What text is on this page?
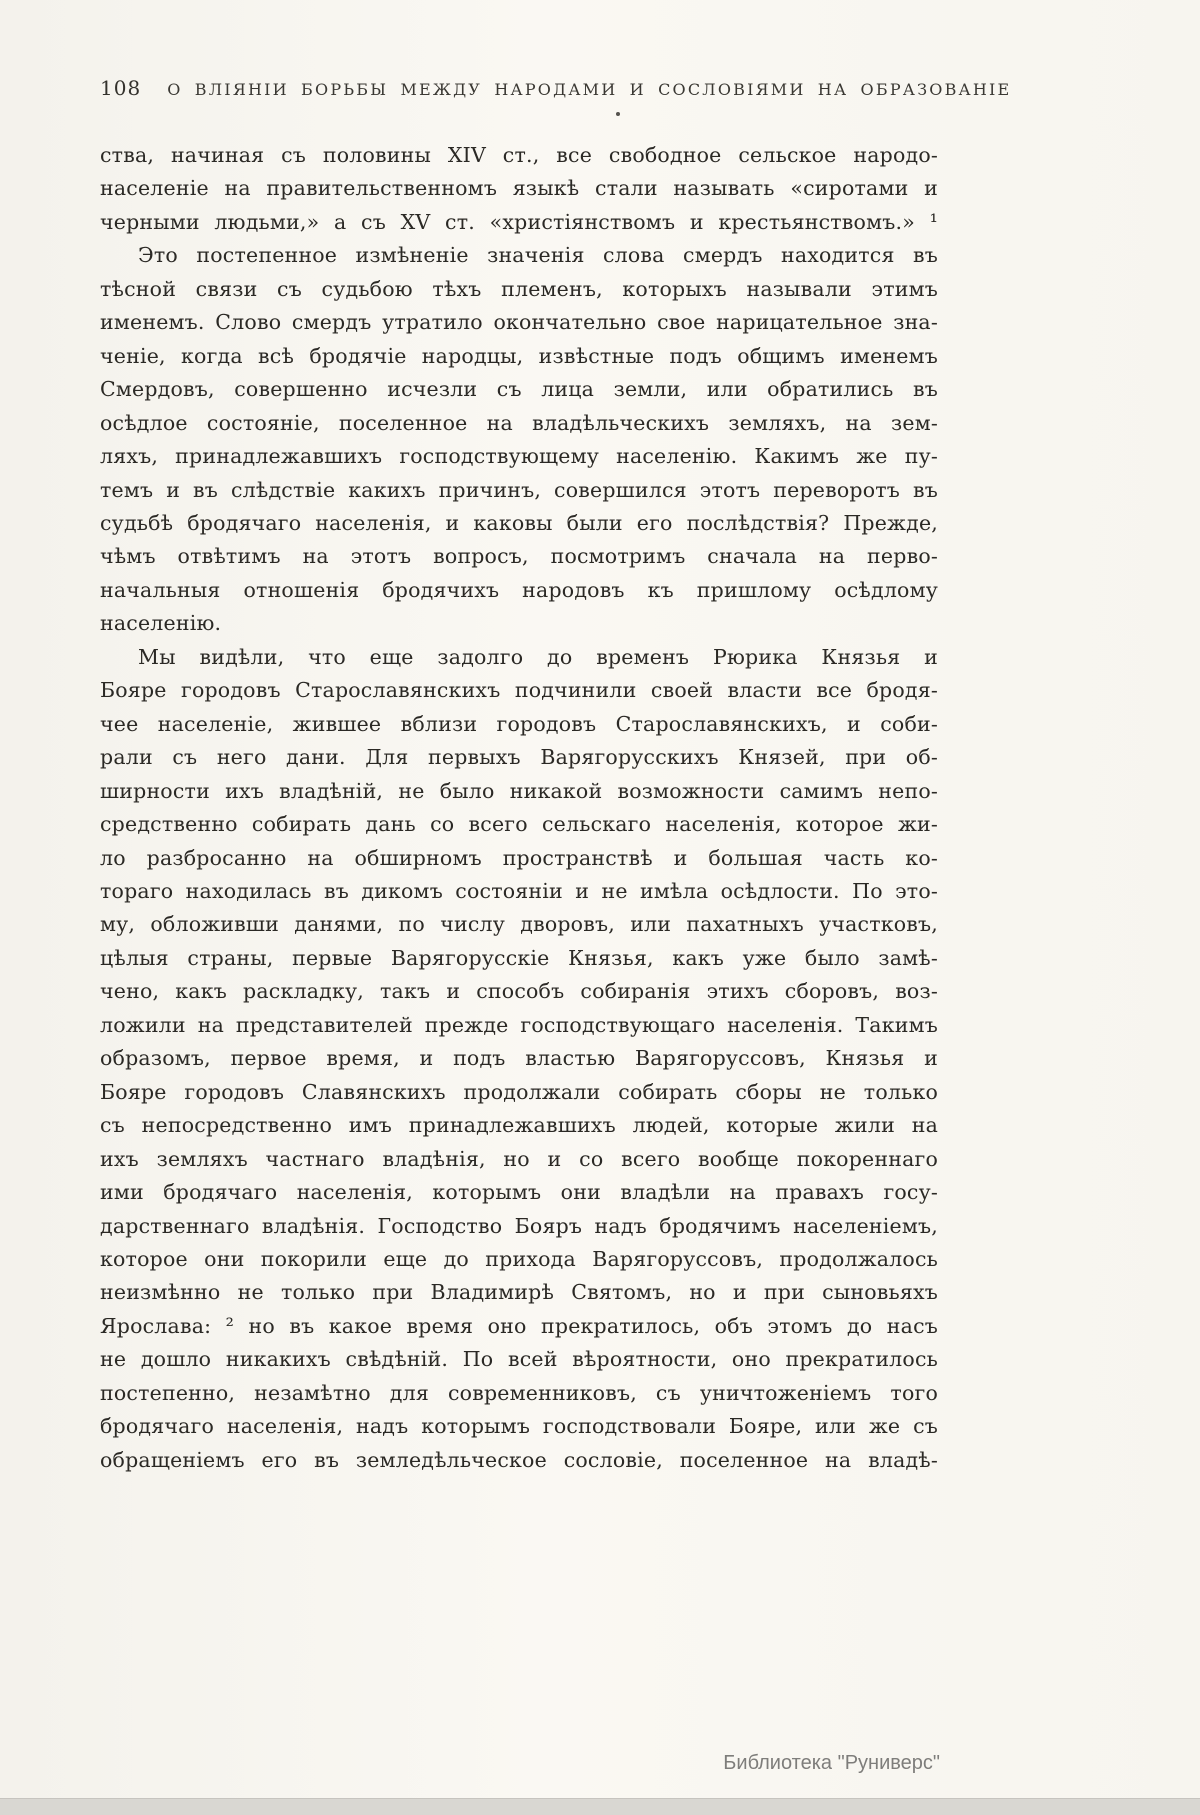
108 О ВЛІЯНІИ БОРЬБЫ МЕЖДУ НАРОДАМИ И СОСЛОВІЯМИ НА ОБРАЗОВАНІЕ

ства, начиная съ половины XIV ст., все свободное сельское народо-
населеніе на правительственномъ языкѣ стали называть «сиротами и
черными людьми,» а съ XV ст. «христіянствомъ и крестьянствомъ.» ¹

Это постепенное измѣненіе значенія слова смердъ находится въ
тѣсной связи съ судьбою тѣхъ племенъ, которыхъ называли этимъ
именемъ. Слово смердъ утратило окончательно свое нарицательное зна-
ченіе, когда всѣ бродячіе народцы, извѣстные подъ общимъ именемъ
Смердовъ, совершенно исчезли съ лица земли, или обратились въ
осѣдлое состояніе, поселенное на владѣльческихъ земляхъ, на зем-
ляхъ, принадлежавшихъ господствующему населенію. Какимъ же пу-
темъ и въ слѣдствіе какихъ причинъ, совершился этотъ переворотъ въ
судьбѣ бродячаго населенія, и каковы были его послѣдствія? Прежде,
чѣмъ отвѣтимъ на этотъ вопросъ, посмотримъ сначала на перво-
начальныя отношенія бродячихъ народовъ къ пришлому осѣдлому
населенію.

Мы видѣли, что еще задолго до временъ Рюрика Князья и
Бояре городовъ Старославянскихъ подчинили своей власти все бродя-
чее населеніе, жившее вблизи городовъ Старославянскихъ, и соби-
рали съ него дани. Для первыхъ Варягорусскихъ Князей, при об-
ширности ихъ владѣній, не было никакой возможности самимъ непо-
средственно собирать дань со всего сельскаго населенія, которое жи-
ло разбросанно на обширномъ пространствѣ и большая часть ко-
тораго находилась въ дикомъ состояніи и не имѣла осѣдлости. По это-
му, обложивши данями, по числу дворовъ, или пахатныхъ участковъ,
цѣлыя страны, первые Варягорусскіе Князья, какъ уже было замѣ-
чено, какъ раскладку, такъ и способъ собиранія этихъ сборовъ, воз-
ложили на представителей прежде господствующаго населенія. Такимъ
образомъ, первое время, и подъ властью Варягоруссовъ, Князья и
Бояре городовъ Славянскихъ продолжали собирать сборы не только
съ непосредственно имъ принадлежавшихъ людей, которые жили на
ихъ земляхъ частнаго владѣнія, но и со всего вообще покореннаго
ими бродячаго населенія, которымъ они владѣли на правахъ госу-
дарственнаго владѣнія. Господство Бояръ надъ бродячимъ населеніемъ,
которое они покорили еще до прихода Варягоруссовъ, продолжалось
неизмѣнно не только при Владимирѣ Святомъ, но и при сыновьяхъ
Ярослава: ² но въ какое время оно прекратилось, объ этомъ до насъ
не дошло никакихъ свѣдѣній. По всей вѣроятности, оно прекратилось
постепенно, незамѣтно для современниковъ, съ уничтоженіемъ того
бродячаго населенія, надъ которымъ господствовали Бояре, или же съ
обращеніемъ его въ земледѣльческое сословіе, поселенное на владѣ-

Библиотека "Руниверс"
